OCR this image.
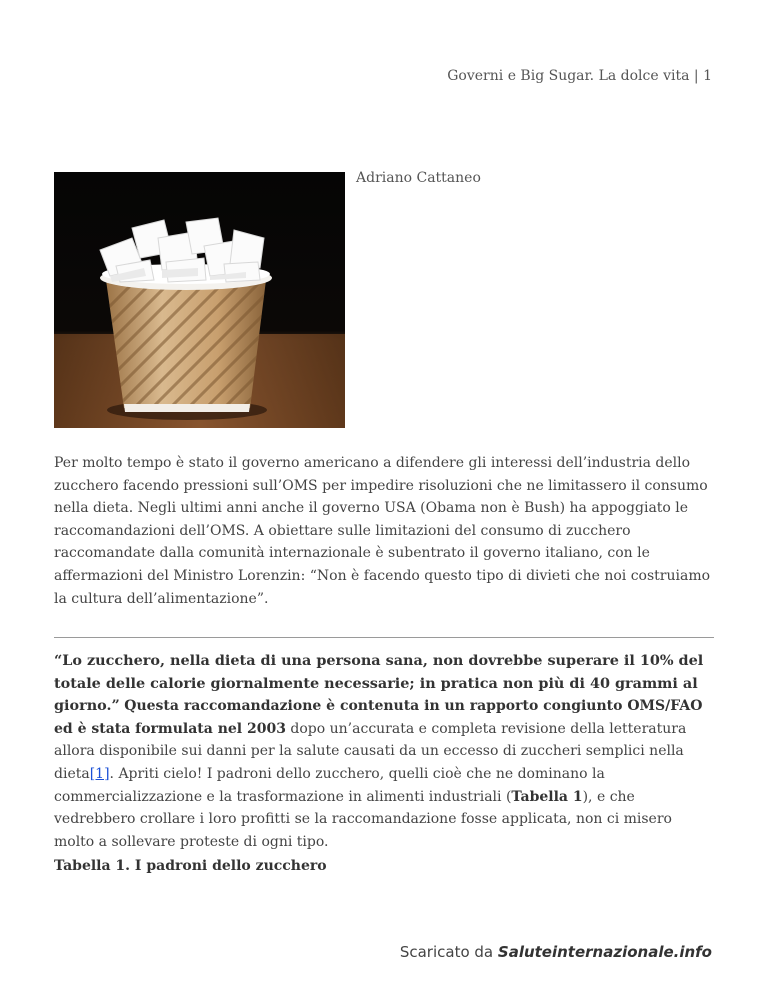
Governi e Big Sugar. La dolce vita | 1
Adriano Cattaneo

Per molto tempo è stato il governo americano a difendere gli interessi dell’industria dello zucchero facendo pressioni sull’OMS per impedire risoluzioni che ne limitassero il consumo nella dieta. Negli ultimi anni anche il governo USA (Obama non è Bush) ha appoggiato le raccomandazioni dell’OMS. A obiettare sulle limitazioni del consumo di zucchero raccomandate dalla comunità internazionale è subentrato il governo italiano, con le affermazioni del Ministro Lorenzin: “Non è facendo questo tipo di divieti che noi costruiamo la cultura dell’alimentazione”.

“Lo zucchero, nella dieta di una persona sana, non dovrebbe superare il 10% del totale delle calorie giornalmente necessarie; in pratica non più di 40 grammi al giorno.” Questa raccomandazione è contenuta in un rapporto congiunto OMS/FAO ed è stata formulata nel 2003 dopo un’accurata e completa revisione della letteratura allora disponibile sui danni per la salute causati da un eccesso di zuccheri semplici nella dieta[1]. Apriti cielo! I padroni dello zucchero, quelli cioè che ne dominano la commercializzazione e la trasformazione in alimenti industriali (Tabella 1), e che vedrebbero crollare i loro profitti se la raccomandazione fosse applicata, non ci misero molto a sollevare proteste di ogni tipo.

Tabella 1. I padroni dello zucchero
Scaricato da Saluteinternazionale.info
